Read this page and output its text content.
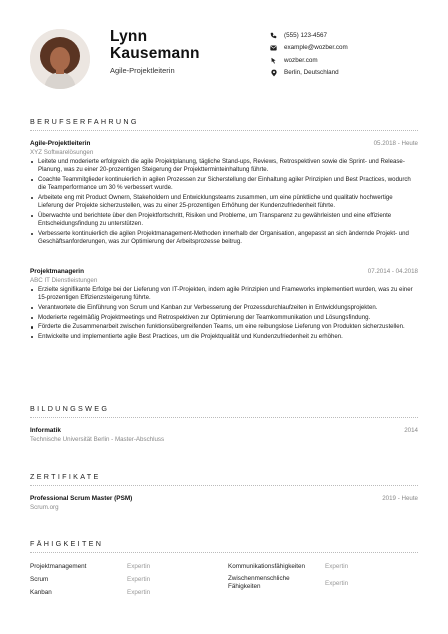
Lynn
Kausemann
Agile-Projektleiterin
(555) 123-4567
example@wozber.com
wozber.com
Berlin, Deutschland
BERUFSERFAHRUNG
Agile-Projektleiterin	05.2018 - Heute
XYZ Softwarelösungen
Leitete und moderierte erfolgreich die agile Projektplanung, tägliche Stand-ups, Reviews, Retrospektiven sowie die Sprint- und Release-Planung, was zu einer 20-prozentigen Steigerung der Projektterminteinhaltung führte.
Coachte Teammitglieder kontinuierlich in agilen Prozessen zur Sicherstellung der Einhaltung agiler Prinzipien und Best Practices, wodurch die Teamperformance um 30 % verbessert wurde.
Arbeitete eng mit Product Ownern, Stakeholdern und Entwicklungsteams zusammen, um eine pünktliche und qualitativ hochwertige Lieferung der Projekte sicherzustellen, was zu einer 25-prozentigen Erhöhung der Kundenzufriedenheit führte.
Überwachte und berichtete über den Projektfortschritt, Risiken und Probleme, um Transparenz zu gewährleisten und eine effiziente Entscheidungsfindung zu unterstützen.
Verbesserte kontinuierlich die agilen Projektmanagement-Methoden innerhalb der Organisation, angepasst an sich ändernde Projekt- und Geschäftsanforderungen, was zur Optimierung der Arbeitsprozesse beitrug.
Projektmanagerin	07.2014 - 04.2018
ABC IT Dienstleistungen
Erzielte signifikante Erfolge bei der Lieferung von IT-Projekten, indem agile Prinzipien und Frameworks implementiert wurden, was zu einer 15-prozentigen Effizienzsteigerung führte.
Verantwortete die Einführung von Scrum und Kanban zur Verbesserung der Prozessdurchlaufzeiten in Entwicklungsprojekten.
Moderierte regelmäßig Projektmeetings und Retrospektiven zur Optimierung der Teamkommunikation und Lösungsfindung.
Förderte die Zusammenarbeit zwischen funktionsübergreifenden Teams, um eine reibungslose Lieferung von Produkten sicherzustellen.
Entwickelte und implementierte agile Best Practices, um die Projektqualität und Kundenzufriedenheit zu erhöhen.
BILDUNGSWEG
Informatik	2014
Technische Universität Berlin - Master-Abschluss
ZERTIFIKATE
Professional Scrum Master (PSM)	2019 - Heute
Scrum.org
FÄHIGKEITEN
Projektmanagement	Expertin
Scrum	Expertin
Kanban	Expertin
Kommunikationsfähigkeiten	Expertin
Zwischenmenschliche Fähigkeiten	Expertin
